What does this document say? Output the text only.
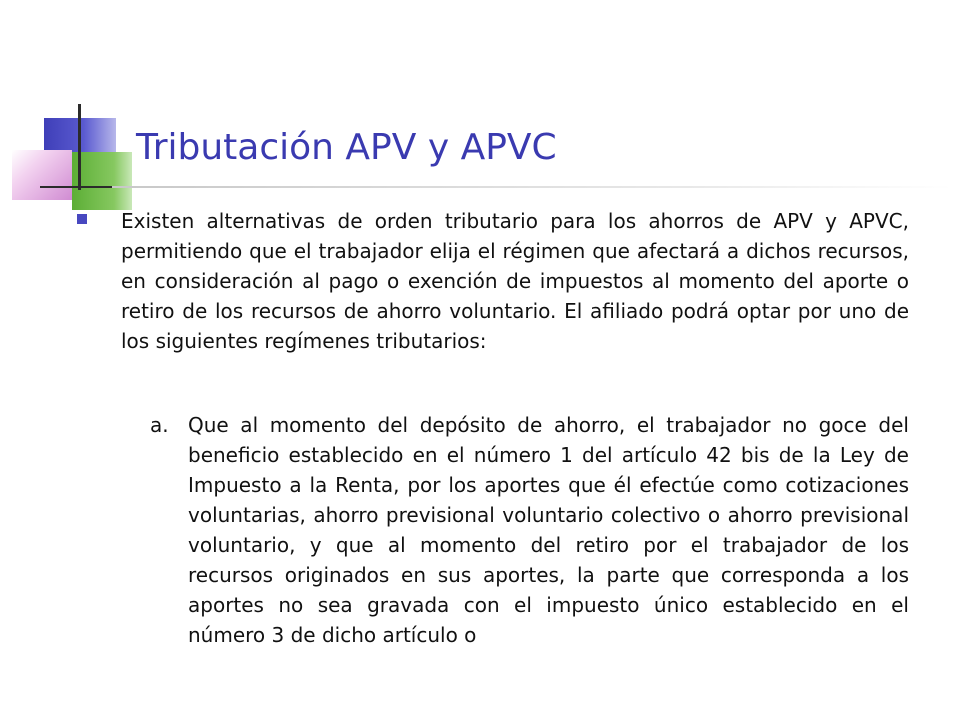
Tributación APV y APVC

Existen alternativas de orden tributario para los ahorros de APV y APVC, permitiendo que el trabajador elija el régimen que afectará a dichos recursos, en consideración al pago o exención de impuestos al momento del aporte o retiro de los recursos de ahorro voluntario. El afiliado podrá optar por uno de los siguientes regímenes tributarios:

a. Que al momento del depósito de ahorro, el trabajador no goce del beneficio establecido en el número 1 del artículo 42 bis de la Ley de Impuesto a la Renta, por los aportes que él efectúe como cotizaciones voluntarias, ahorro previsional voluntario colectivo o ahorro previsional voluntario, y que al momento del retiro por el trabajador de los recursos originados en sus aportes, la parte que corresponda a los aportes no sea gravada con el impuesto único establecido en el número 3 de dicho artículo o
